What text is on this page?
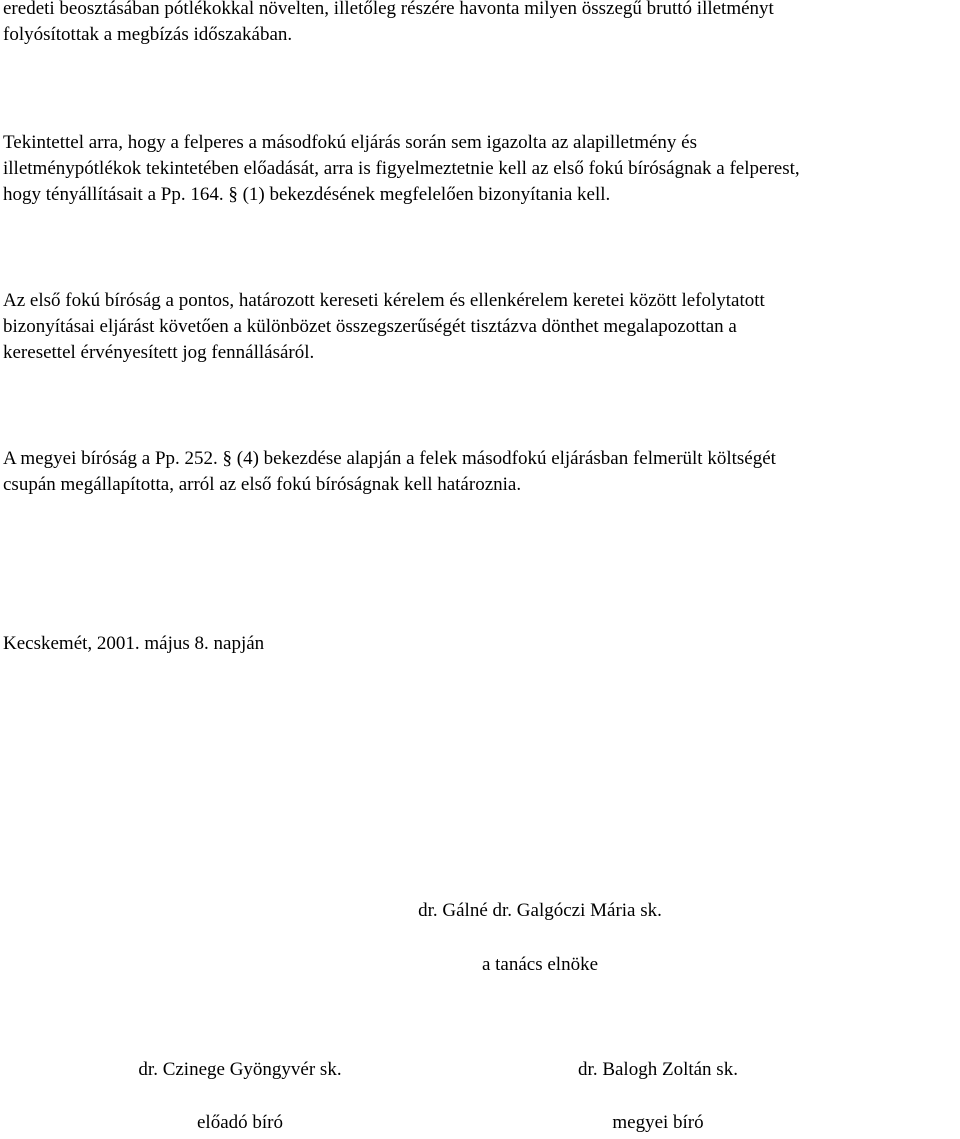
eredeti beosztásában pótlékokkal növelten, illetőleg részére havonta milyen összegű bruttó illetményt
folyósítottak a megbízás időszakában.

Tekintettel arra, hogy a felperes a másodfokú eljárás során sem igazolta az alapilletmény és
illetménypótlékok tekintetében előadását, arra is figyelmeztetnie kell az első fokú bíróságnak a felperest,
hogy tényállításait a Pp. 164. § (1) bekezdésének megfelelően bizonyítania kell.

Az első fokú bíróság a pontos, határozott kereseti kérelem és ellenkérelem keretei között lefolytatott
bizonyításai eljárást követően a különbözet összegszerűségét tisztázva dönthet megalapozottan a
keresettel érvényesített jog fennállásáról.

A megyei bíróság a Pp. 252. § (4) bekezdése alapján a felek másodfokú eljárásban felmerült költségét
csupán megállapította, arról az első fokú bíróságnak kell határoznia.

Kecskemét, 2001. május 8. napján

dr. Gálné dr. Galgóczi Mária sk.
a tanács elnöke
dr. Czinege Gyöngyvér sk.
előadó bíró
dr. Balogh Zoltán sk.
megyei bíró
